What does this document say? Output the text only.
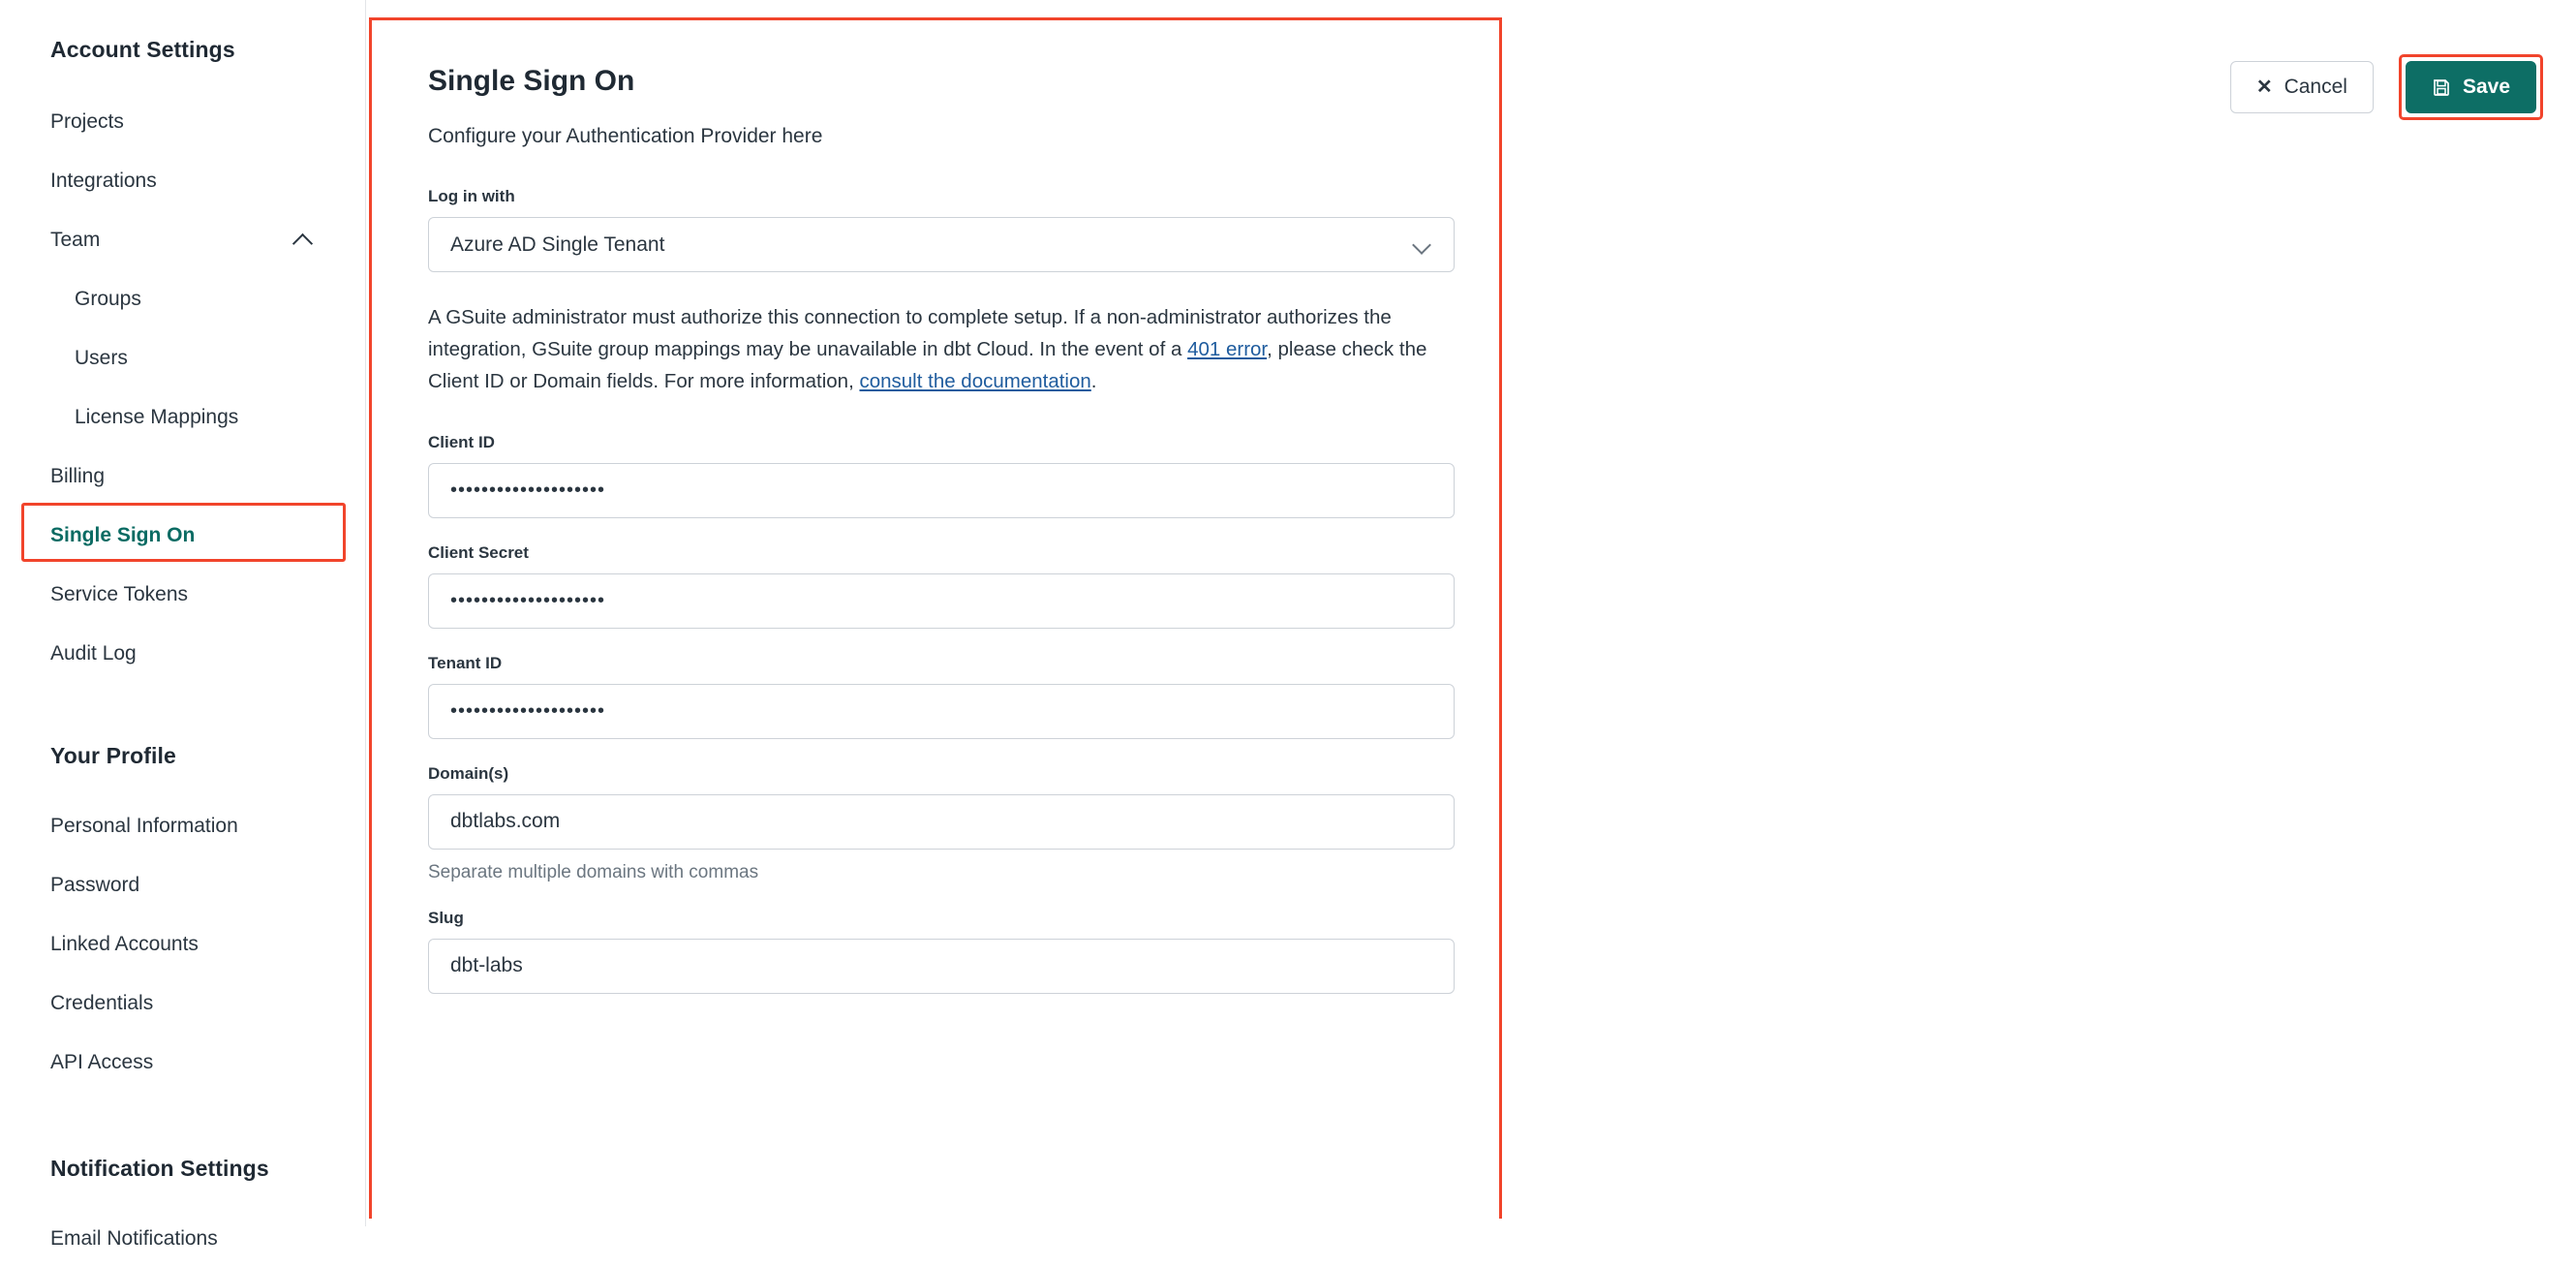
Account Settings
Projects
Integrations
Team
Groups
Users
License Mappings
Billing
Single Sign On
Service Tokens
Audit Log
Your Profile
Personal Information
Password
Linked Accounts
Credentials
API Access
Notification Settings
Email Notifications
✕ Cancel	Save
Single Sign On

Configure your Authentication Provider here

Log in with
Azure AD Single Tenant

A GSuite administrator must authorize this connection to complete setup. If a non-administrator authorizes the integration, GSuite group mappings may be unavailable in dbt Cloud. In the event of a 401 error, please check the Client ID or Domain fields. For more information, consult the documentation.

Client ID
••••••••••••••••••••
Client Secret
••••••••••••••••••••
Tenant ID
••••••••••••••••••••
Domain(s)
dbtlabs.com
Separate multiple domains with commas
Slug
dbt-labs
